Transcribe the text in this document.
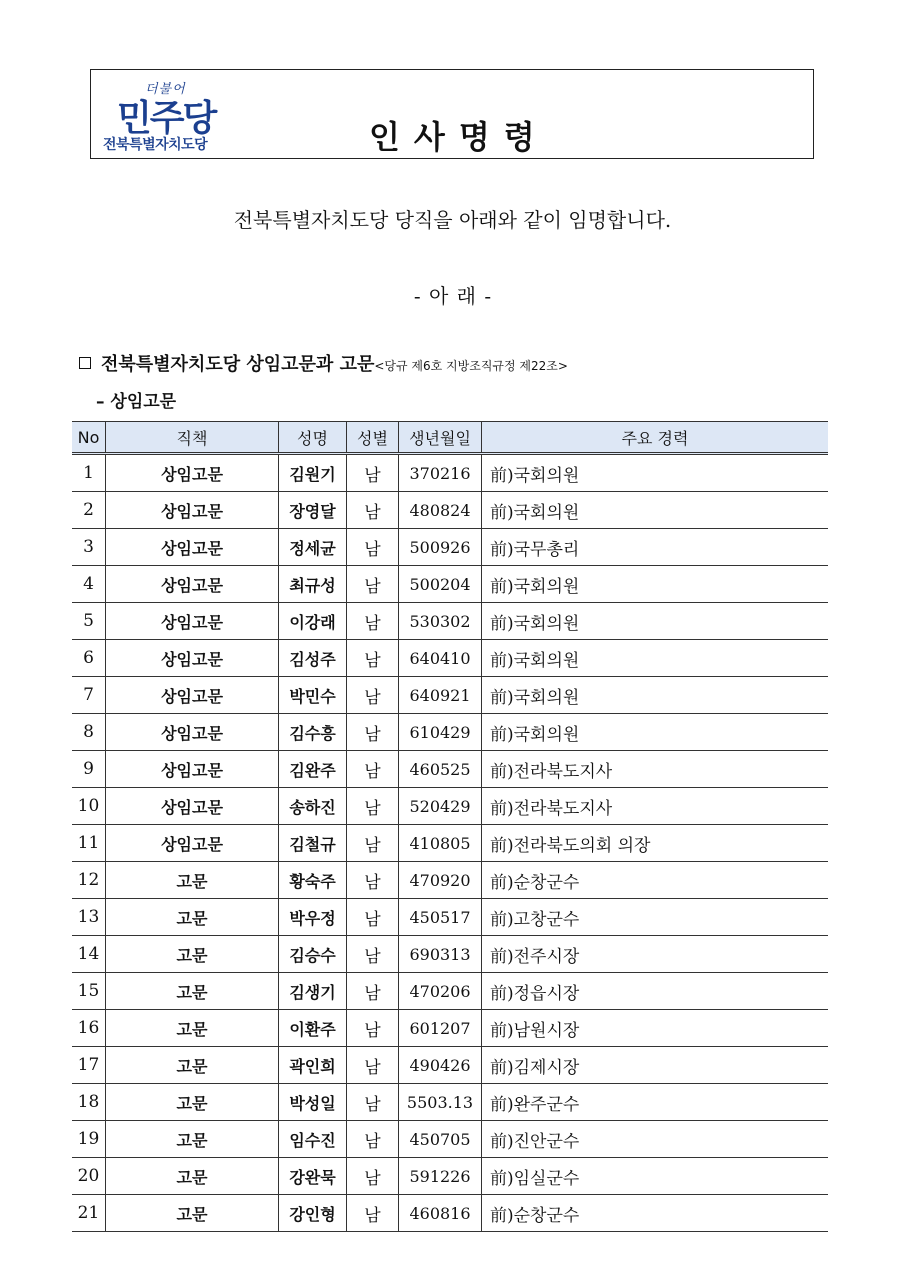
더불어
민주당
전북특별자치도당	인사명령
전북특별자치도당 당직을 아래와 같이 임명합니다.
- 아 래 -
전북특별자치도당 상임고문과 고문<당규 제6호 지방조직규정 제22조>
– 상임고문
No	직책	성명	성별	생년월일	주요 경력
1	상임고문	김원기	남	370216	前)국회의원
2	상임고문	장영달	남	480824	前)국회의원
3	상임고문	정세균	남	500926	前)국무총리
4	상임고문	최규성	남	500204	前)국회의원
5	상임고문	이강래	남	530302	前)국회의원
6	상임고문	김성주	남	640410	前)국회의원
7	상임고문	박민수	남	640921	前)국회의원
8	상임고문	김수흥	남	610429	前)국회의원
9	상임고문	김완주	남	460525	前)전라북도지사
10	상임고문	송하진	남	520429	前)전라북도지사
11	상임고문	김철규	남	410805	前)전라북도의회 의장
12	고문	황숙주	남	470920	前)순창군수
13	고문	박우정	남	450517	前)고창군수
14	고문	김승수	남	690313	前)전주시장
15	고문	김생기	남	470206	前)정읍시장
16	고문	이환주	남	601207	前)남원시장
17	고문	곽인희	남	490426	前)김제시장
18	고문	박성일	남	5503.13	前)완주군수
19	고문	임수진	남	450705	前)진안군수
20	고문	강완묵	남	591226	前)임실군수
21	고문	강인형	남	460816	前)순창군수
